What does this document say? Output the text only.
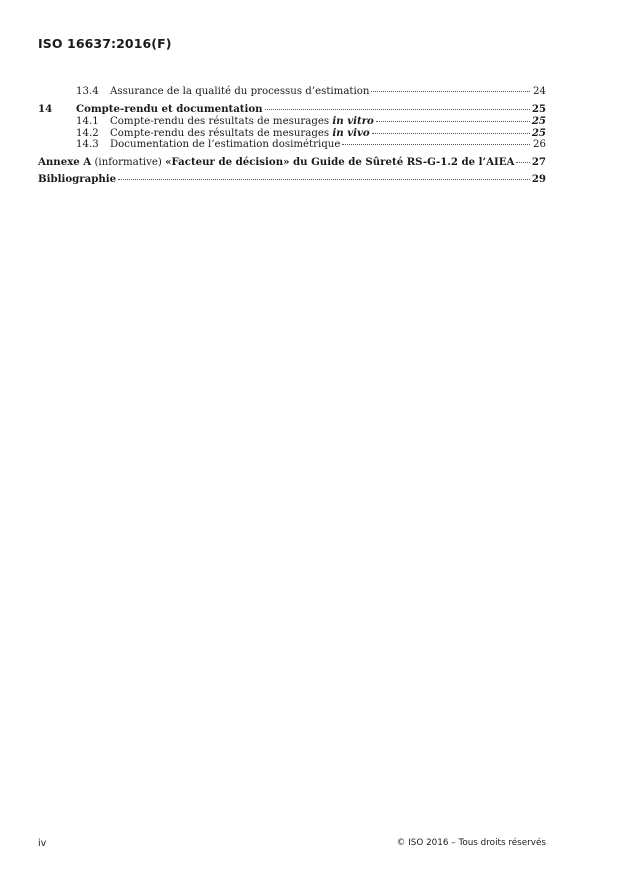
ISO 16637:2016(F)
13.4	Assurance de la qualité du processus d’estimation	24
14	Compte-rendu et documentation	25
14.1	Compte-rendu des résultats de mesurages in vitro	25
14.2	Compte-rendu des résultats de mesurages in vivo	25
14.3	Documentation de l’estimation dosimétrique	26
Annexe A (informative) «Facteur de décision» du Guide de Sûreté RS-G-1.2 de l’AIEA 27
Bibliographie	29
iv	© ISO 2016 – Tous droits réservés
